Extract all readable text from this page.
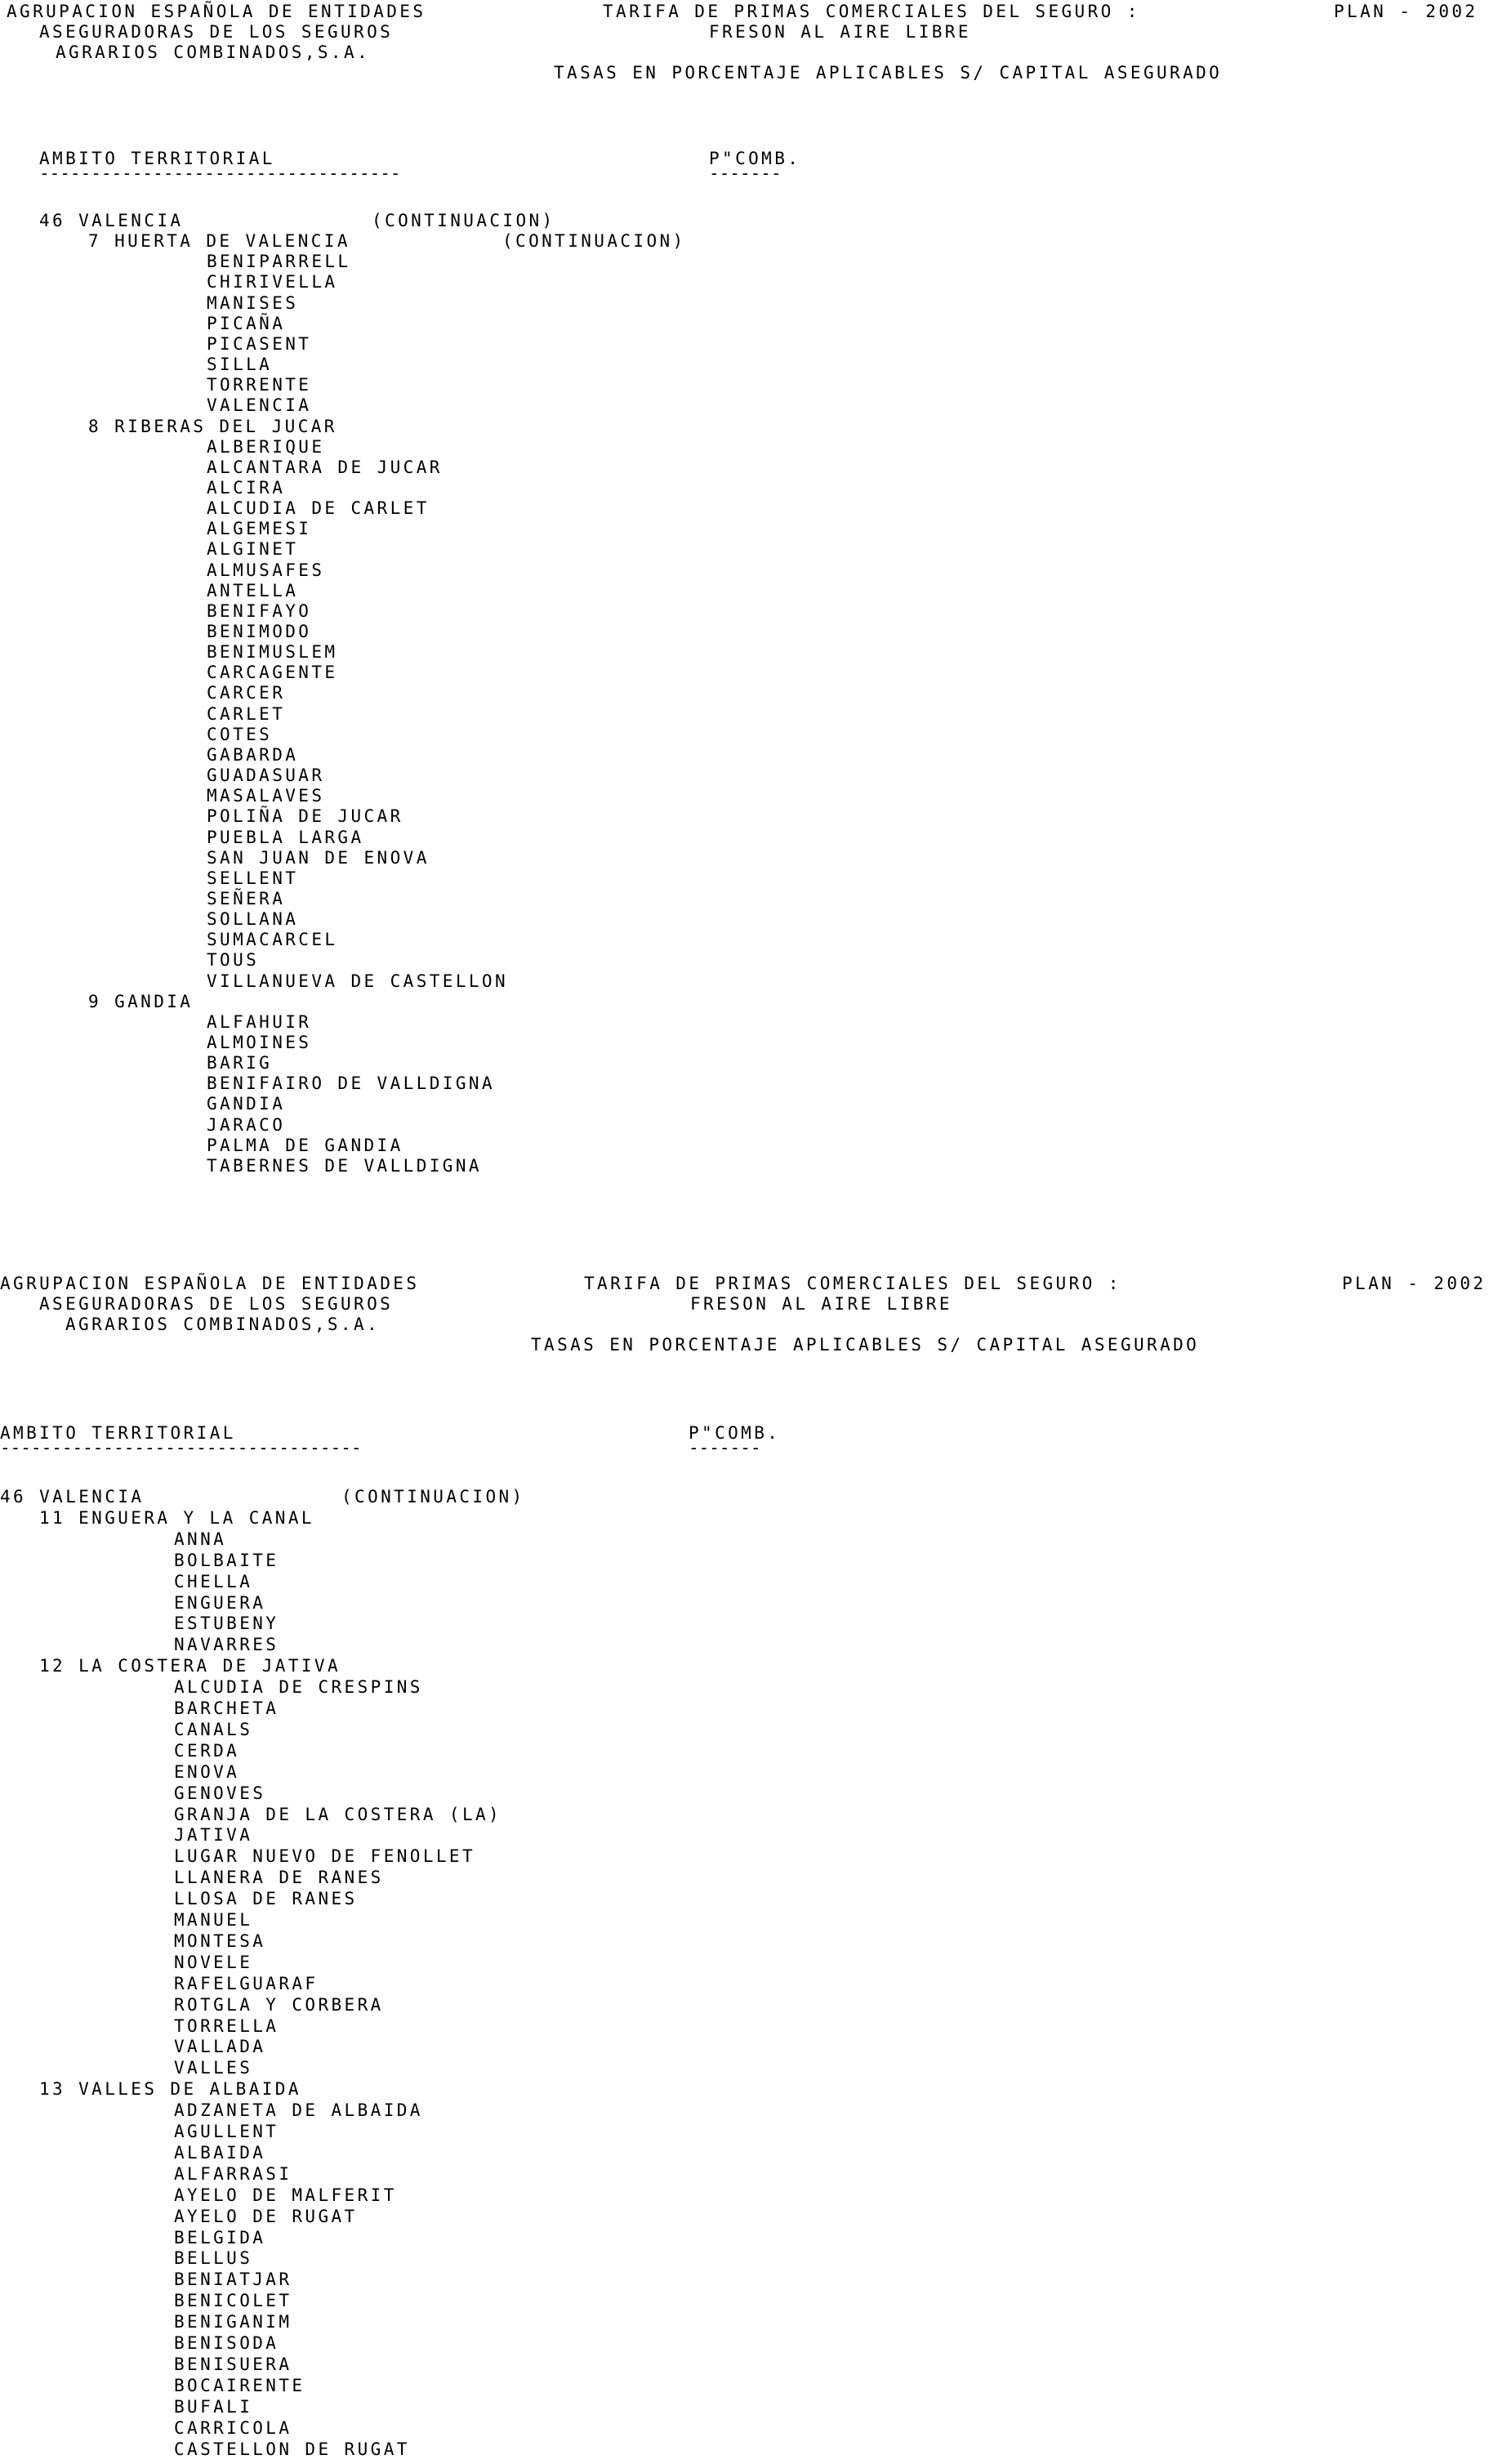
AGRUPACION ESPAÑOLA DE ENTIDADES
ASEGURADORAS DE LOS SEGUROS
AGRARIOS COMBINADOS,S.A.
TARIFA DE PRIMAS COMERCIALES DEL SEGURO :
FRESON AL AIRE LIBRE
TASAS EN PORCENTAJE APLICABLES S/ CAPITAL ASEGURADO
PLAN - 2002
AMBITO TERRITORIAL
-----------------------------------
P"COMB.
-------
46 VALENCIA	(CONTINUACION)
7 HUERTA DE VALENCIA	(CONTINUACION)
BENIPARRELL
CHIRIVELLA
MANISES
PICAÑA
PICASENT
SILLA
TORRENTE
VALENCIA
8 RIBERAS DEL JUCAR
ALBERIQUE
ALCANTARA DE JUCAR
ALCIRA
ALCUDIA DE CARLET
ALGEMESI
ALGINET
ALMUSAFES
ANTELLA
BENIFAYO
BENIMODO
BENIMUSLEM
CARCAGENTE
CARCER
CARLET
COTES
GABARDA
GUADASUAR
MASALAVES
POLIÑA DE JUCAR
PUEBLA LARGA
SAN JUAN DE ENOVA
SELLENT
SEÑERA
SOLLANA
SUMACARCEL
TOUS
VILLANUEVA DE CASTELLON
9 GANDIA
ALFAHUIR
ALMOINES
BARIG
BENIFAIRO DE VALLDIGNA
GANDIA
JARACO
PALMA DE GANDIA
TABERNES DE VALLDIGNA
AGRUPACION ESPAÑOLA DE ENTIDADES
ASEGURADORAS DE LOS SEGUROS
AGRARIOS COMBINADOS,S.A.
TARIFA DE PRIMAS COMERCIALES DEL SEGURO :
FRESON AL AIRE LIBRE
TASAS EN PORCENTAJE APLICABLES S/ CAPITAL ASEGURADO
PLAN - 2002
AMBITO TERRITORIAL
-----------------------------------
P"COMB.
-------
46 VALENCIA	(CONTINUACION)
11 ENGUERA Y LA CANAL
ANNA
BOLBAITE
CHELLA
ENGUERA
ESTUBENY
NAVARRES
12 LA COSTERA DE JATIVA
ALCUDIA DE CRESPINS
BARCHETA
CANALS
CERDA
ENOVA
GENOVES
GRANJA DE LA COSTERA (LA)
JATIVA
LUGAR NUEVO DE FENOLLET
LLANERA DE RANES
LLOSA DE RANES
MANUEL
MONTESA
NOVELE
RAFELGUARAF
ROTGLA Y CORBERA
TORRELLA
VALLADA
VALLES
13 VALLES DE ALBAIDA
ADZANETA DE ALBAIDA
AGULLENT
ALBAIDA
ALFARRASI
AYELO DE MALFERIT
AYELO DE RUGAT
BELGIDA
BELLUS
BENIATJAR
BENICOLET
BENIGANIM
BENISODA
BENISUERA
BOCAIRENTE
BUFALI
CARRICOLA
CASTELLON DE RUGAT
